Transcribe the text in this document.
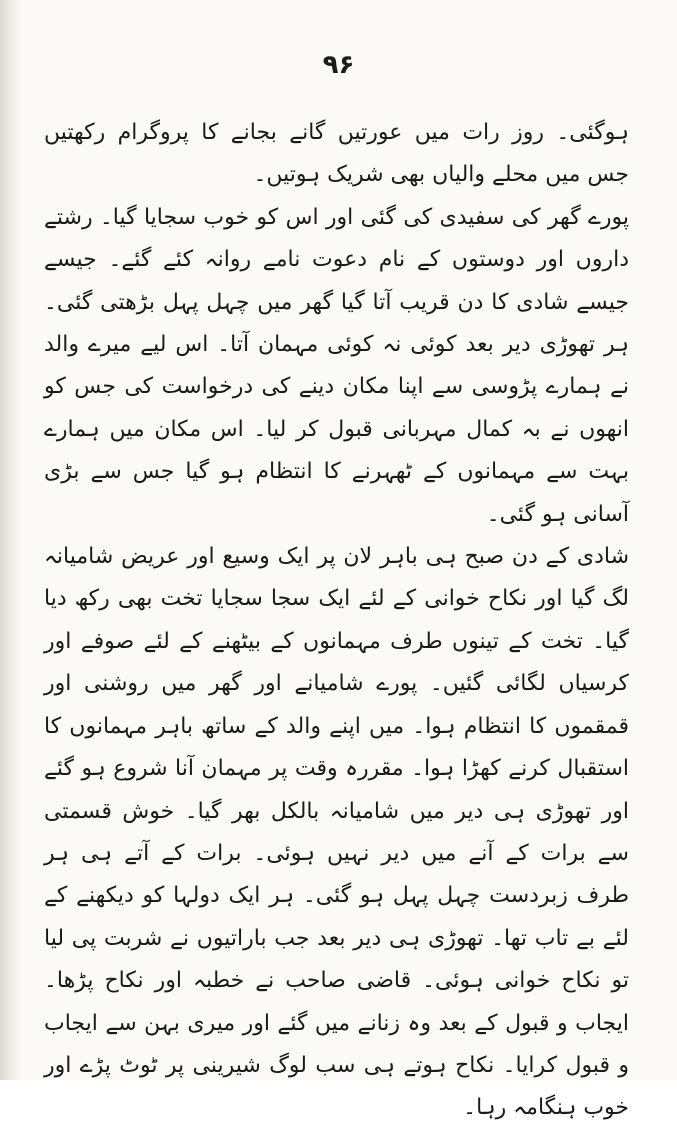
۹۶

ہوگئی۔ روز رات میں عورتیں گانے بجانے کا پروگرام رکھتیں جس میں محلے والیاں بھی شریک ہوتیں۔

پورے گھر کی سفیدی کی گئی اور اس کو خوب سجایا گیا۔ رشتے داروں اور دوستوں کے نام دعوت نامے روانہ کئے گئے۔ جیسے جیسے شادی کا دن قریب آتا گیا گھر میں چہل پہل بڑھتی گئی۔ ہر تھوڑی دیر بعد کوئی نہ کوئی مہمان آتا۔ اس لیے میرے والد نے ہمارے پڑوسی سے اپنا مکان دینے کی درخواست کی جس کو انھوں نے بہ کمال مہربانی قبول کر لیا۔ اس مکان میں ہمارے بہت سے مہمانوں کے ٹھہرنے کا انتظام ہو گیا جس سے بڑی آسانی ہو گئی۔

شادی کے دن صبح ہی باہر لان پر ایک وسیع اور عریض شامیانہ لگ گیا اور نکاح خوانی کے لئے ایک سجا سجایا تخت بھی رکھ دیا گیا۔ تخت کے تینوں طرف مہمانوں کے بیٹھنے کے لئے صوفے اور کرسیاں لگائی گئیں۔ پورے شامیانے اور گھر میں روشنی اور قمقموں کا انتظام ہوا۔ میں اپنے والد کے ساتھ باہر مہمانوں کا استقبال کرنے کھڑا ہوا۔ مقررہ وقت پر مہمان آنا شروع ہو گئے اور تھوڑی ہی دیر میں شامیانہ بالکل بھر گیا۔ خوش قسمتی سے برات کے آنے میں دیر نہیں ہوئی۔ برات کے آتے ہی ہر طرف زبردست چہل پہل ہو گئی۔ ہر ایک دولہا کو دیکھنے کے لئے بے تاب تھا۔ تھوڑی ہی دیر بعد جب باراتیوں نے شربت پی لیا تو نکاح خوانی ہوئی۔ قاضی صاحب نے خطبہ اور نکاح پڑھا۔ ایجاب و قبول کے بعد وہ زنانے میں گئے اور میری بہن سے ایجاب و قبول کرایا۔ نکاح ہوتے ہی سب لوگ شیرینی پر ٹوٹ پڑے اور خوب ہنگامہ رہا۔
